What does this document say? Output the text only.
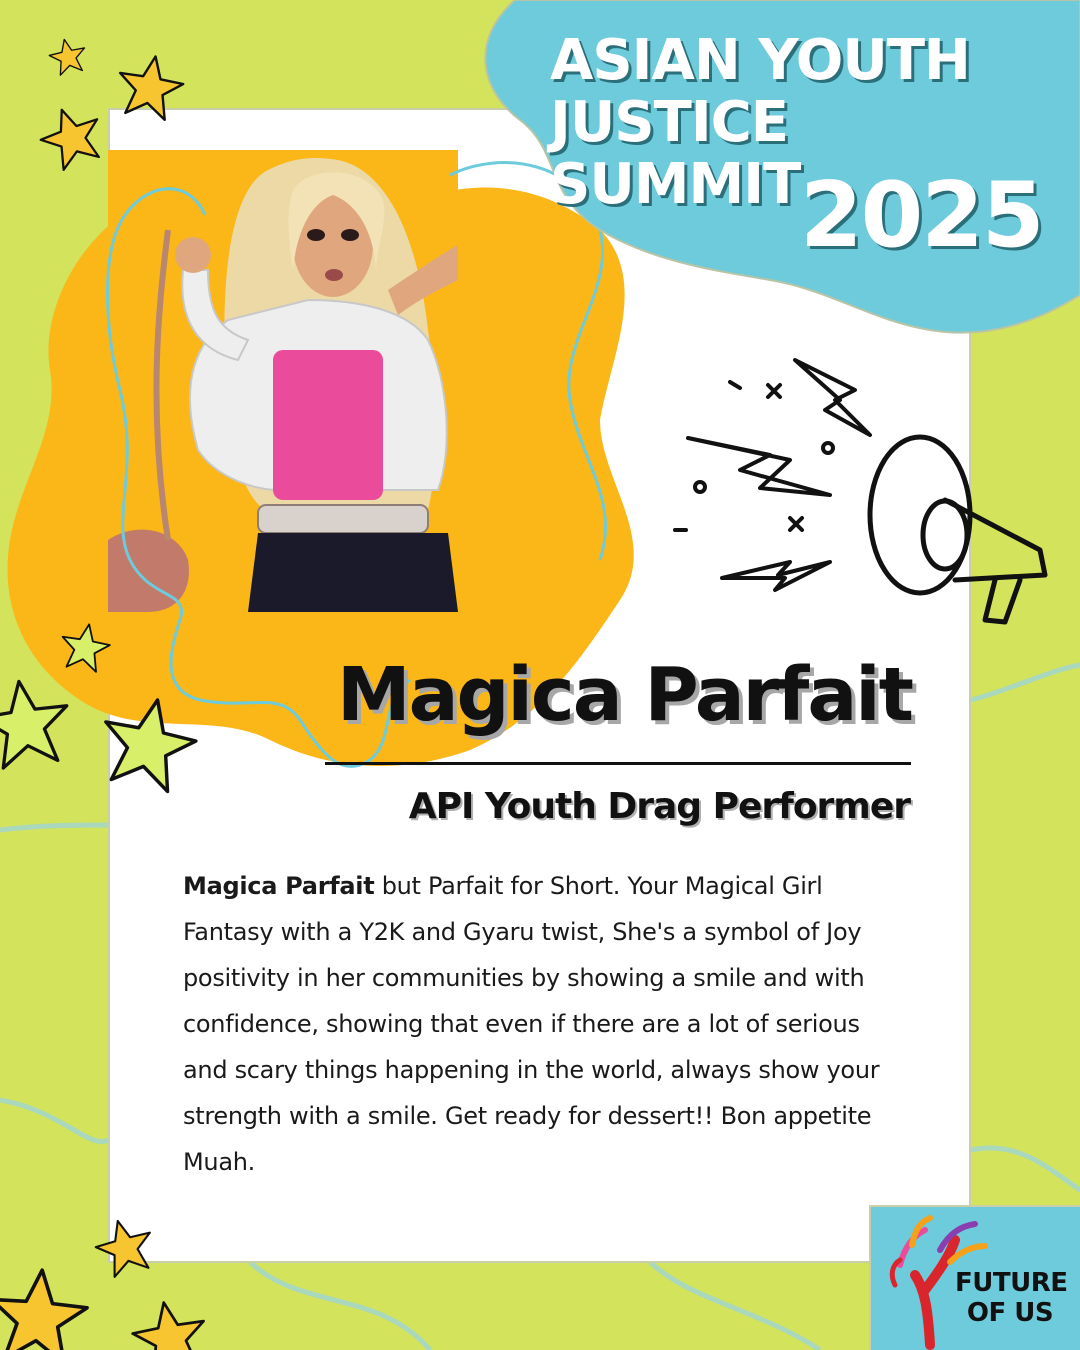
ASIAN YOUTH
JUSTICE SUMMIT 2025
Magica Parfait
API Youth Drag Performer
Magica Parfait but Parfait for Short. Your Magical Girl Fantasy with a Y2K and Gyaru twist, She's a symbol of Joy positivity in her communities by showing a smile and with confidence, showing that even if there are a lot of serious and scary things happening in the world, always show your strength with a smile. Get ready for dessert!! Bon appetite Muah.
FUTURE
OF US
